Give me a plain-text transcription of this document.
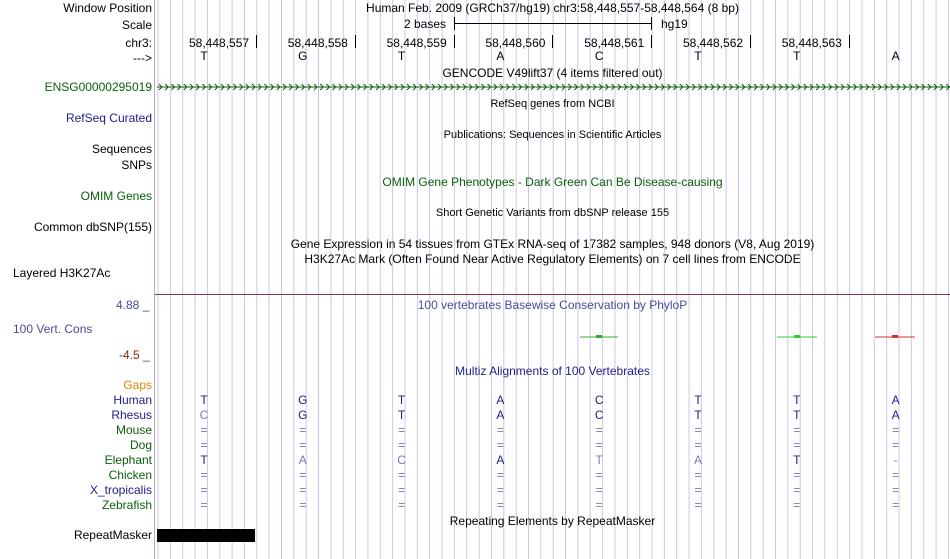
Window Position	Human Feb. 2009 (GRCh37/hg19) chr3:58,448,557-58,448,564 (8 bp)
Scale	2 bases	hg19
chr3:	58,448,557	58,448,558	58,448,559	58,448,560	58,448,561	58,448,562	58,448,563
--->	T	G	T	A	C	T	T	A
GENCODE V49lift37 (4 items filtered out)
ENSG00000295019
RefSeq genes from NCBI
RefSeq Curated
Publications: Sequences in Scientific Articles
Sequences
SNPs
OMIM Gene Phenotypes - Dark Green Can Be Disease-causing
OMIM Genes
Short Genetic Variants from dbSNP release 155
Common dbSNP(155)
Gene Expression in 54 tissues from GTEx RNA-seq of 17382 samples, 948 donors (V8, Aug 2019)
H3K27Ac Mark (Often Found Near Active Regulatory Elements) on 7 cell lines from ENCODE
Layered H3K27Ac
100 vertebrates Basewise Conservation by PhyloP
4.88 _
100 Vert. Cons
-4.5 _
Multiz Alignments of 100 Vertebrates
Gaps
Human	T	G	T	A	C	T	T	A
Rhesus	C	G	T	A	C	T	T	A
Mouse	=	=	=	=	=	=	=	=
Dog	=	=	=	=	=	=	=	=
Elephant	T	A	C	A	T	A	T	-
Chicken	=	=	=	=	=	=	=	=
X_tropicalis	=	=	=	=	=	=	=	=
Zebrafish	=	=	=	=	=	=	=	=
Repeating Elements by RepeatMasker
RepeatMasker
